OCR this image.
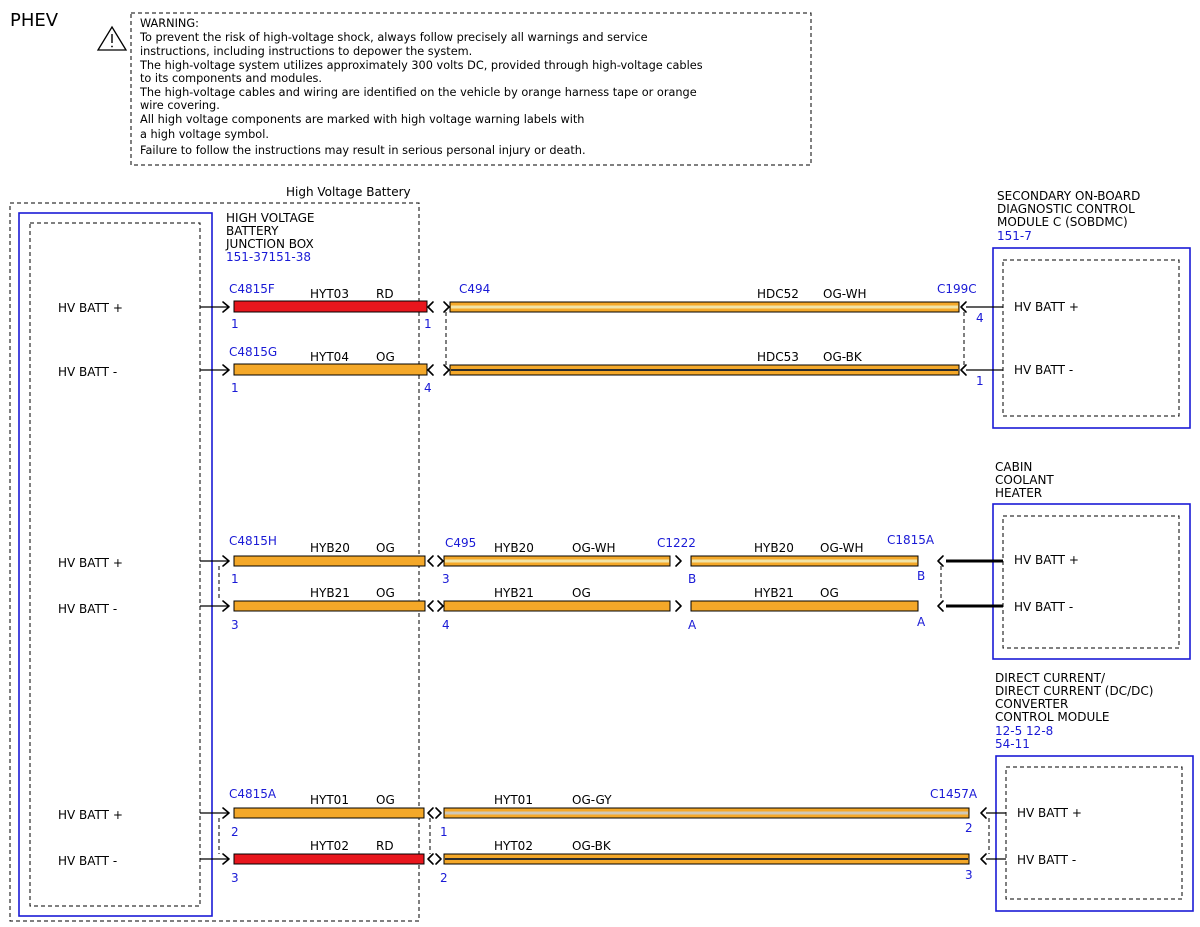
PHEV	WARNING:
To prevent the risk of high-voltage shock, always follow precisely all warnings and service
instructions, including instructions to depower the system.
The high-voltage system utilizes approximately 300 volts DC, provided through high-voltage cables
to its components and modules.
The high-voltage cables and wiring are identified on the vehicle by orange harness tape or orange
wire covering.
All high voltage components are marked with high voltage warning labels with
a high voltage symbol.
Failure to follow the instructions may result in serious personal injury or death.
High Voltage Battery
HIGH VOLTAGE
BATTERY
JUNCTION BOX
151-37151-38
HV BATT +
HV BATT -
HV BATT +
HV BATT -
HV BATT +
HV BATT -
SECONDARY ON-BOARD
DIAGNOSTIC CONTROL
MODULE C (SOBDMC)
151-7
HV BATT +
HV BATT -
CABIN
COOLANT
HEATER
HV BATT +
HV BATT -
DIRECT CURRENT/
DIRECT CURRENT (DC/DC)
CONVERTER
CONTROL MODULE
12-5 12-8
54-11
HV BATT +
HV BATT -
C4815F
C4815G
C494	C199C
HYT03 RD
HYT04 OG
HDC52 OG-WH
HDC53 OG-BK
1
1
1
4
4
1
C4815H	C495	C1222	C1815A
HYB20 OG
HYB21 OG
HYB20	OG-WH
HYB21	OG
HYB20 OG-WH
HYB21 OG
1
3
3
4
B
A
B
A
C4815A	C1457A
HYT01 OG
HYT02 RD
HYT01	OG-GY
HYT02	OG-BK
2
3
1
2
2
3
